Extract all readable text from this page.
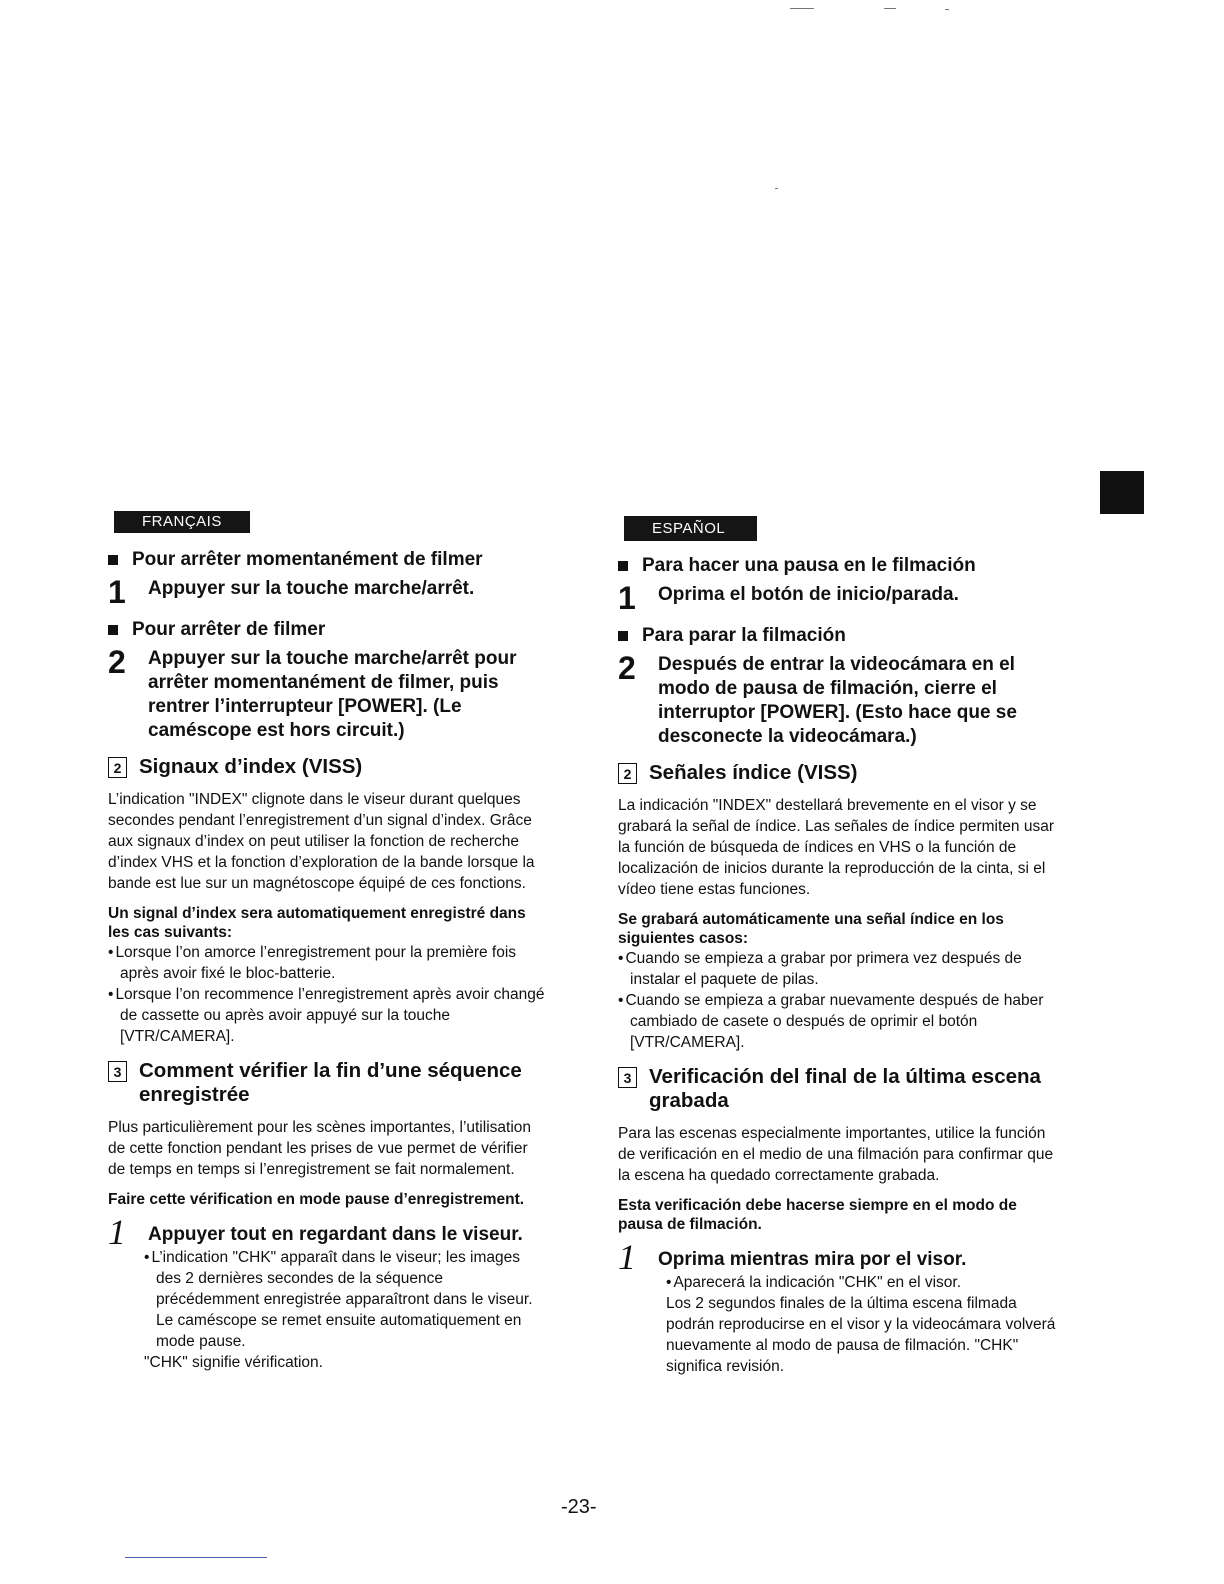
FRANÇAIS
Pour arrêter momentanément de filmer
1	Appuyer sur la touche marche/arrêt.
Pour arrêter de filmer
2	Appuyer sur la touche marche/arrêt pour arrêter momentanément de filmer, puis rentrer l’interrupteur [POWER]. (Le caméscope est hors circuit.)
2 Signaux d’index (VISS)
L’indication "INDEX" clignote dans le viseur durant quelques secondes pendant l’enregistrement d’un signal d’index. Grâce aux signaux d’index on peut utiliser la fonction de recherche d’index VHS et la fonction d’exploration de la bande lorsque la bande est lue sur un magnétoscope équipé de ces fonctions.
Un signal d’index sera automatiquement enregistré dans les cas suivants:
• Lorsque l’on amorce l’enregistrement pour la première fois après avoir fixé le bloc-batterie.
• Lorsque l’on recommence l’enregistrement après avoir changé de cassette ou après avoir appuyé sur la touche [VTR/CAMERA].
3 Comment vérifier la fin d’une séquence enregistrée
Plus particulièrement pour les scènes importantes, l’utilisation de cette fonction pendant les prises de vue permet de vérifier de temps en temps si l’enregistrement se fait normalement.
Faire cette vérification en mode pause d’enregistrement.
1	Appuyer tout en regardant dans le viseur.
• L’indication "CHK" apparaît dans le viseur; les images des 2 dernières secondes de la séquence précédemment enregistrée apparaîtront dans le viseur. Le caméscope se remet ensuite automatiquement en mode pause.
"CHK" signifie vérification.
ESPAÑOL
Para hacer una pausa en le filmación
1	Oprima el botón de inicio/parada.
Para parar la filmación
2	Después de entrar la videocámara en el modo de pausa de filmación, cierre el interruptor [POWER]. (Esto hace que se desconecte la videocámara.)
2 Señales índice (VISS)
La indicación "INDEX" destellará brevemente en el visor y se grabará la señal de índice. Las señales de índice permiten usar la función de búsqueda de índices en VHS o la función de localización de inicios durante la reproducción de la cinta, si el vídeo tiene estas funciones.
Se grabará automáticamente una señal índice en los siguientes casos:
• Cuando se empieza a grabar por primera vez después de instalar el paquete de pilas.
• Cuando se empieza a grabar nuevamente después de haber cambiado de casete o después de oprimir el botón [VTR/CAMERA].
3 Verificación del final de la última escena grabada
Para las escenas especialmente importantes, utilice la función de verificación en el medio de una filmación para confirmar que la escena ha quedado correctamente grabada.
Esta verificación debe hacerse siempre en el modo de pausa de filmación.
1	Oprima mientras mira por el visor.
• Aparecerá la indicación "CHK" en el visor.
Los 2 segundos finales de la última escena filmada podrán reproducirse en el visor y la videocámara volverá nuevamente al modo de pausa de filmación. "CHK" significa revisión.
-23-
